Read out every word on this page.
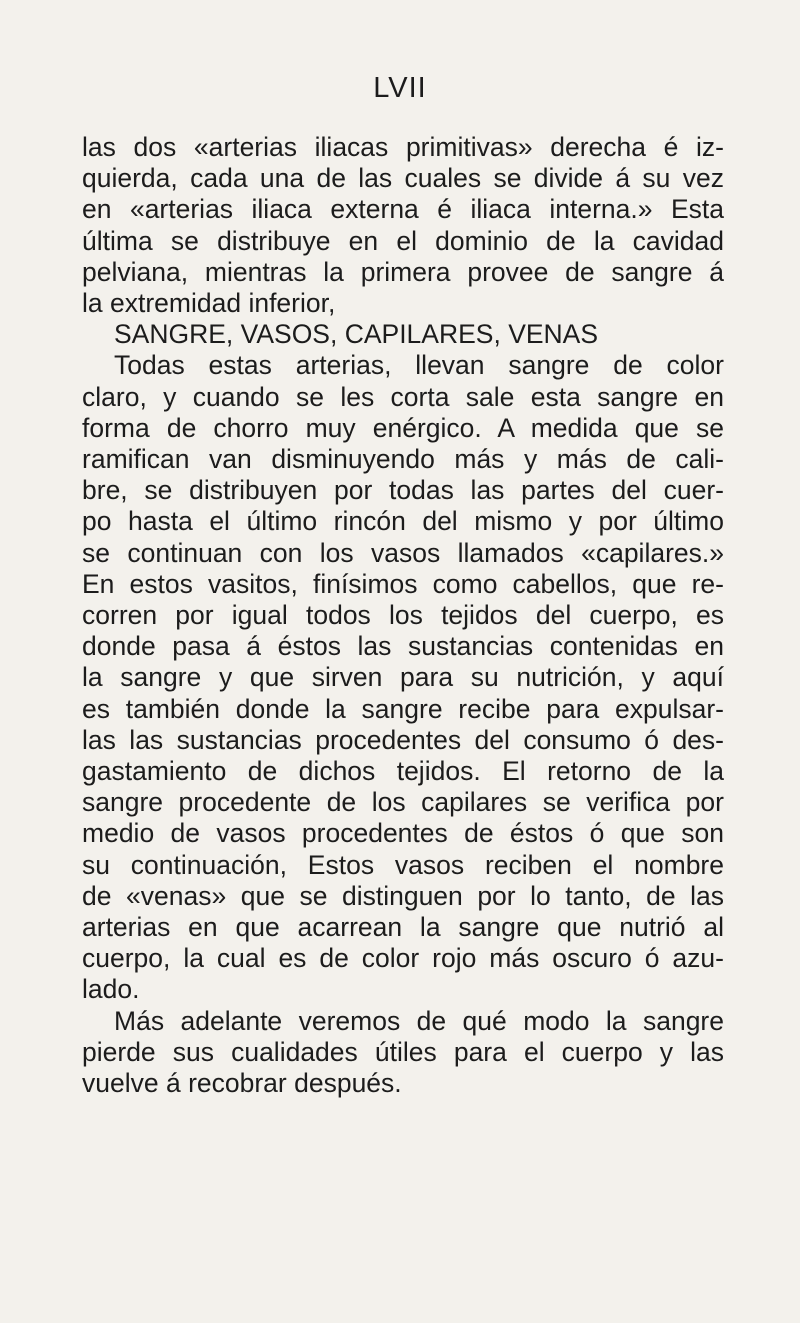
LVII
las dos «arterias iliacas primitivas» derecha é iz-
quierda, cada una de las cuales se divide á su vez
en «arterias iliaca externa é iliaca interna.» Esta
última se distribuye en el dominio de la cavidad
pelviana, mientras la primera provee de sangre á
la extremidad inferior,
SANGRE, VASOS, CAPILARES, VENAS
Todas estas arterias, llevan sangre de color
claro, y cuando se les corta sale esta sangre en
forma de chorro muy enérgico. A medida que se
ramifican van disminuyendo más y más de cali-
bre, se distribuyen por todas las partes del cuer-
po hasta el último rincón del mismo y por último
se continuan con los vasos llamados «capilares.»
En estos vasitos, finísimos como cabellos, que re-
corren por igual todos los tejidos del cuerpo, es
donde pasa á éstos las sustancias contenidas en
la sangre y que sirven para su nutrición, y aquí
es también donde la sangre recibe para expulsar-
las las sustancias procedentes del consumo ó des-
gastamiento de dichos tejidos. El retorno de la
sangre procedente de los capilares se verifica por
medio de vasos procedentes de éstos ó que son
su continuación, Estos vasos reciben el nombre
de «venas» que se distinguen por lo tanto, de las
arterias en que acarrean la sangre que nutrió al
cuerpo, la cual es de color rojo más oscuro ó azu-
lado.
Más adelante veremos de qué modo la sangre
pierde sus cualidades útiles para el cuerpo y las
vuelve á recobrar después.
